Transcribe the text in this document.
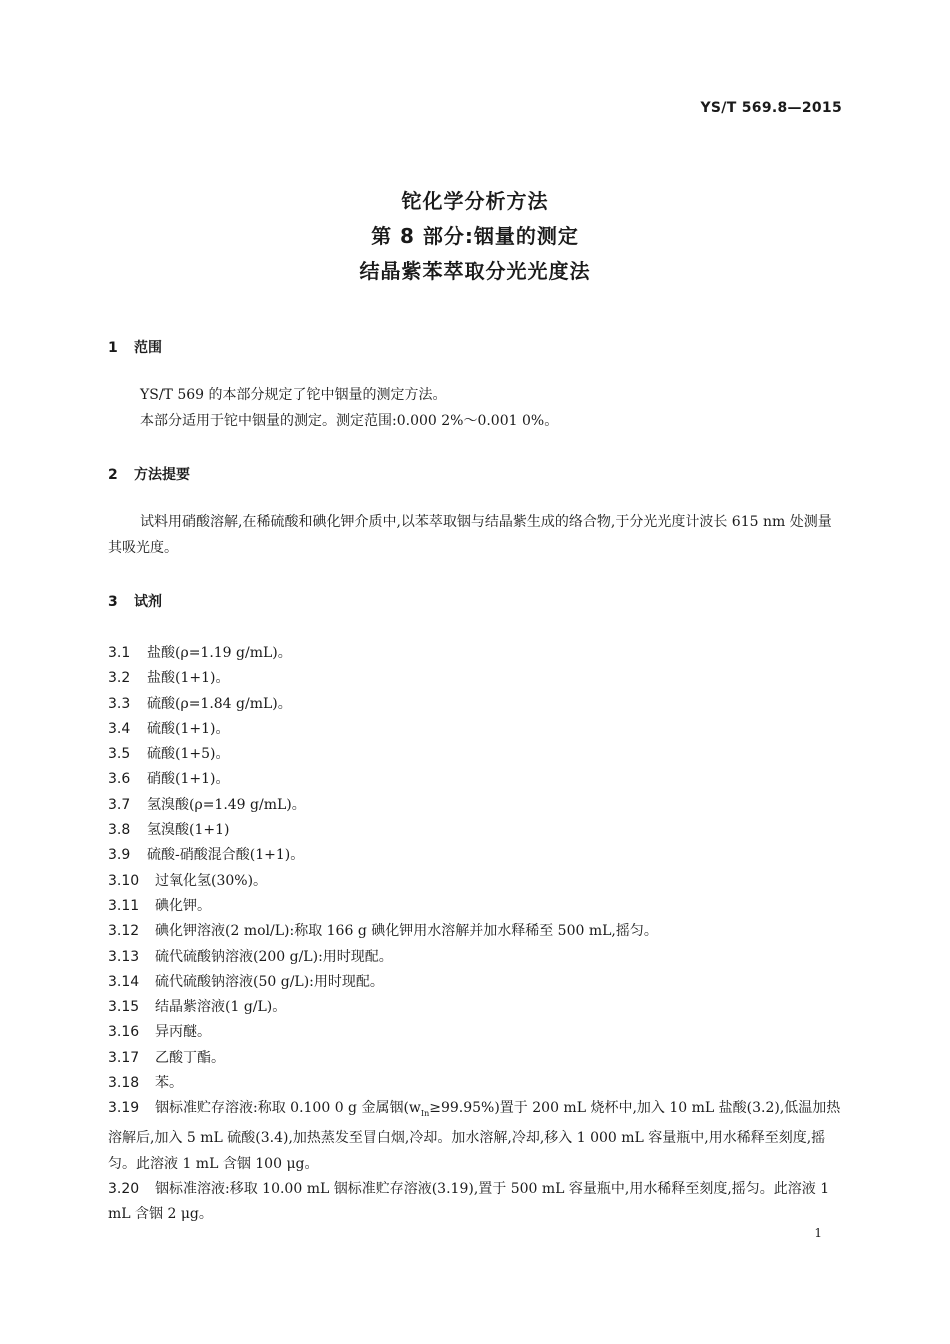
YS/T 569.8—2015
铊化学分析方法
第 8 部分:铟量的测定
结晶紫苯萃取分光光度法
1 范围
YS/T 569 的本部分规定了铊中铟量的测定方法。
本部分适用于铊中铟量的测定。测定范围:0.000 2%～0.001 0%。
2 方法提要
试料用硝酸溶解,在稀硫酸和碘化钾介质中,以苯萃取铟与结晶紫生成的络合物,于分光光度计波长 615 nm 处测量其吸光度。
3 试剂
3.1 盐酸(ρ=1.19 g/mL)。
3.2 盐酸(1+1)。
3.3 硫酸(ρ=1.84 g/mL)。
3.4 硫酸(1+1)。
3.5 硫酸(1+5)。
3.6 硝酸(1+1)。
3.7 氢溴酸(ρ=1.49 g/mL)。
3.8 氢溴酸(1+1)
3.9 硫酸-硝酸混合酸(1+1)。
3.10 过氧化氢(30%)。
3.11 碘化钾。
3.12 碘化钾溶液(2 mol/L):称取 166 g 碘化钾用水溶解并加水释稀至 500 mL,摇匀。
3.13 硫代硫酸钠溶液(200 g/L):用时现配。
3.14 硫代硫酸钠溶液(50 g/L):用时现配。
3.15 结晶紫溶液(1 g/L)。
3.16 异丙醚。
3.17 乙酸丁酯。
3.18 苯。
3.19 铟标准贮存溶液:称取 0.100 0 g 金属铟$(w_{In}\ge 99.95\%)$置于 200 mL 烧杯中,加入 10 mL 盐酸(3.2),低温加热溶解后,加入 5 mL 硫酸(3.4),加热蒸发至冒白烟,冷却。加水溶解,冷却,移入 1 000 mL 容量瓶中,用水稀释至刻度,摇匀。此溶液 1 mL 含铟 100 μg。
3.20 铟标准溶液:移取 10.00 mL 铟标准贮存溶液(3.19),置于 500 mL 容量瓶中,用水稀释至刻度,摇匀。此溶液 1 mL 含铟 2 μg。
1
